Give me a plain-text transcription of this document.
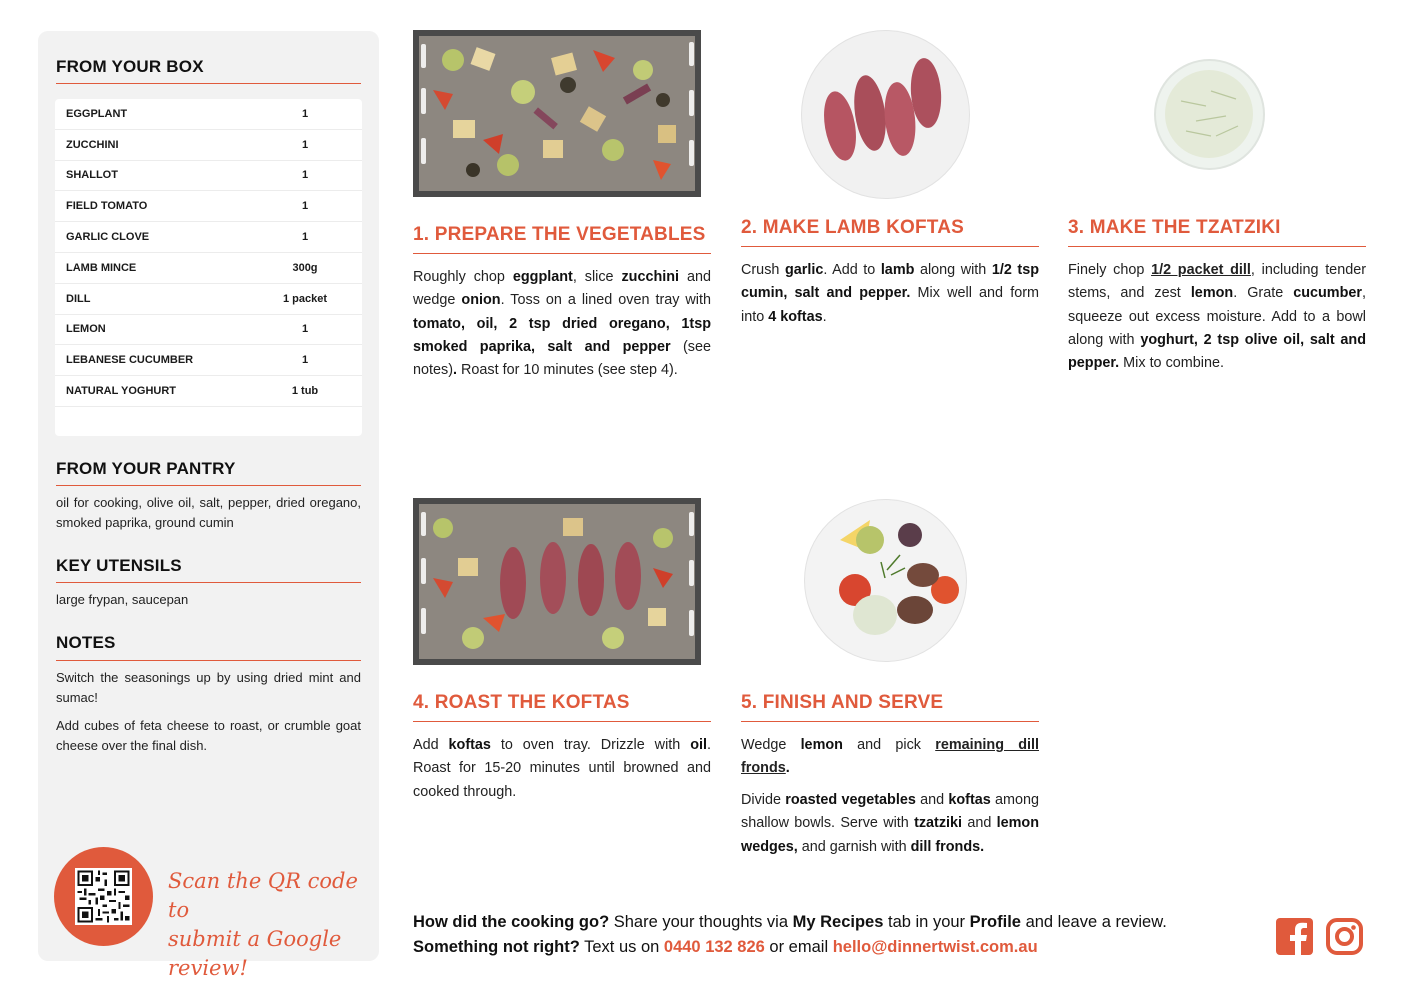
FROM YOUR BOX
EGGPLANT	1
ZUCCHINI	1
SHALLOT	1
FIELD TOMATO	1
GARLIC CLOVE	1
LAMB MINCE	300g
DILL	1 packet
LEMON	1
LEBANESE CUCUMBER	1
NATURAL YOGHURT	1 tub
FROM YOUR PANTRY
oil for cooking, olive oil, salt, pepper, dried oregano, smoked paprika, ground cumin
KEY UTENSILS
large frypan, saucepan
NOTES
Switch the seasonings up by using dried mint and sumac!
Add cubes of feta cheese to roast, or crumble goat cheese over the final dish.
Scan the QR code to
submit a Google review!
1. PREPARE THE VEGETABLES
Roughly chop eggplant, slice zucchini and wedge onion. Toss on a lined oven tray with tomato, oil, 2 tsp dried oregano, 1tsp smoked paprika, salt and pepper (see notes). Roast for 10 minutes (see step 4).
2. MAKE LAMB KOFTAS
Crush garlic. Add to lamb along with 1/2 tsp cumin, salt and pepper. Mix well and form into 4 koftas.
3. MAKE THE TZATZIKI
Finely chop 1/2 packet dill, including tender stems, and zest lemon. Grate cucumber, squeeze out excess moisture. Add to a bowl along with yoghurt, 2 tsp olive oil, salt and pepper. Mix to combine.
4. ROAST THE KOFTAS
Add koftas to oven tray. Drizzle with oil. Roast for 15-20 minutes until browned and cooked through.
5. FINISH AND SERVE
Wedge lemon and pick remaining dill fronds.
Divide roasted vegetables and koftas among shallow bowls. Serve with tzatziki and lemon wedges, and garnish with dill fronds.
How did the cooking go? Share your thoughts via My Recipes tab in your Profile and leave a review.
Something not right? Text us on 0440 132 826 or email hello@dinnertwist.com.au
